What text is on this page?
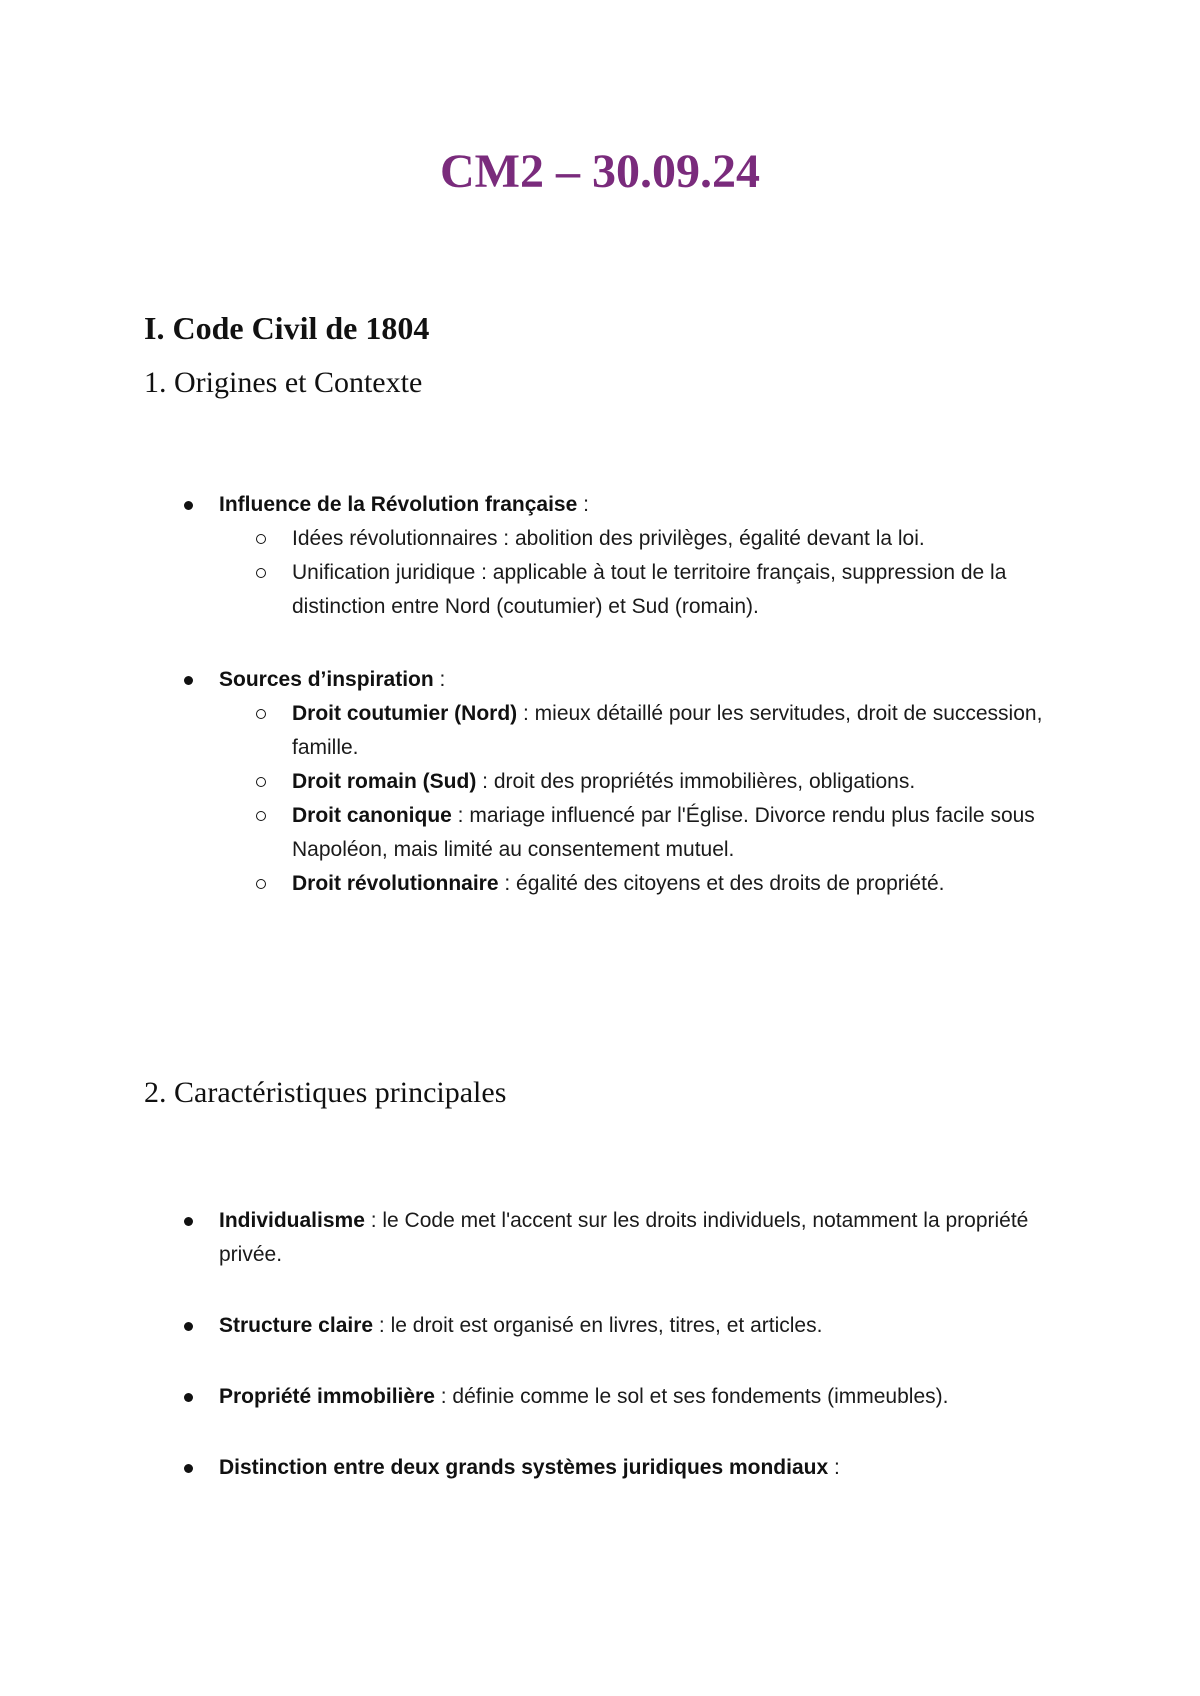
CM2 – 30.09.24
I. Code Civil de 1804
1. Origines et Contexte
Influence de la Révolution française :
Idées révolutionnaires : abolition des privilèges, égalité devant la loi.
Unification juridique : applicable à tout le territoire français, suppression de la distinction entre Nord (coutumier) et Sud (romain).
Sources d’inspiration :
Droit coutumier (Nord) : mieux détaillé pour les servitudes, droit de succession, famille.
Droit romain (Sud) : droit des propriétés immobilières, obligations.
Droit canonique : mariage influencé par l'Église. Divorce rendu plus facile sous Napoléon, mais limité au consentement mutuel.
Droit révolutionnaire : égalité des citoyens et des droits de propriété.
2. Caractéristiques principales
Individualisme : le Code met l'accent sur les droits individuels, notamment la propriété privée.
Structure claire : le droit est organisé en livres, titres, et articles.
Propriété immobilière : définie comme le sol et ses fondements (immeubles).
Distinction entre deux grands systèmes juridiques mondiaux :
